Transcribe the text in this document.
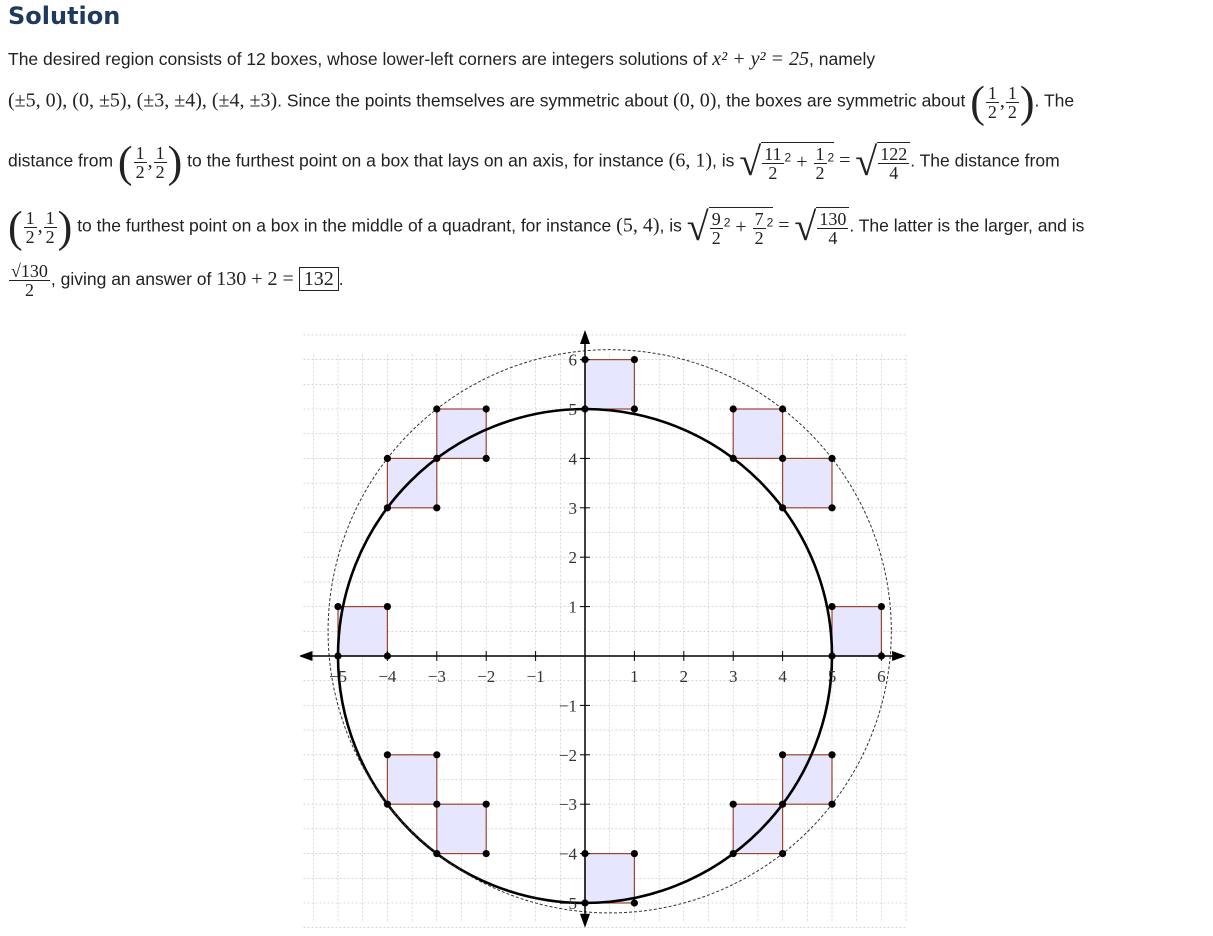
Solution
The desired region consists of 12 boxes, whose lower-left corners are integers solutions of x² + y² = 25, namely
(±5, 0), (0, ±5), (±3, ±4), (±4, ±3). Since the points themselves are symmetric about (0, 0), the boxes are symmetric about ( $\frac{1}{2}$ , $\frac{1}{2}$ ). The
distance from ( $\frac{1}{2}$ , $\frac{1}{2}$ ) to the furthest point on a box that lays on an axis, for instance (6, 1), is √ $\frac{11}{2} ^2 + \frac{1}{2} ^2$ = √ $\frac{122}{4}$ . The distance from
( $\frac{1}{2}$ , $\frac{1}{2}$ ) to the furthest point on a box in the middle of a quadrant, for instance (5, 4), is √ $\frac{9}{2} ^2 + \frac{7}{2} ^2$ = √ $\frac{130}{4}$ . The latter is the larger, and is
$\frac{√130}{2}$ , giving an answer of 130 + 2 = 132 .
−5 −4 −3 −2 −1	1 2 3 4 5 6
−5
−4
−3
−2
−1
1
2
3
4
5
6
